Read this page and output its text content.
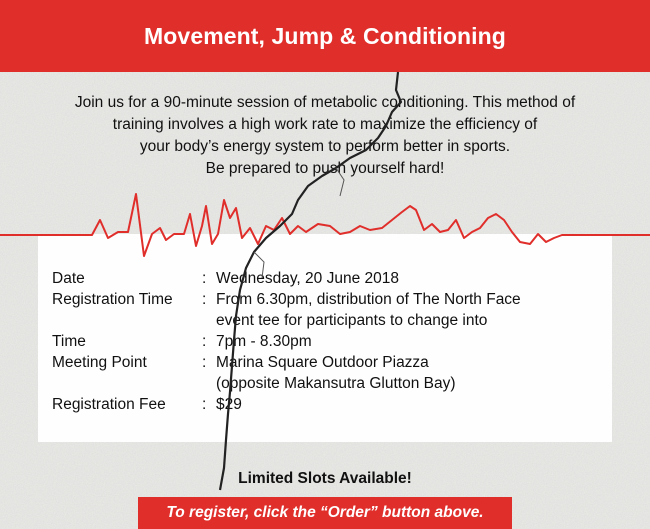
Movement, Jump & Conditioning

Join us for a 90-minute session of metabolic conditioning. This method of

training involves a high work rate to maximize the efficiency of

your body’s energy system to perform better in sports.

Be prepared to push yourself hard!

Date	: Wednesday, 20 June 2018
Registration Time	: From 6.30pm, distribution of The North Face
event tee for participants to change into
Time	: 7pm - 8.30pm
Meeting Point	: Marina Square Outdoor Piazza
(opposite Makansutra Glutton Bay)
Registration Fee	: $29
Limited Slots Available!
To register, click the “Order” button above.
